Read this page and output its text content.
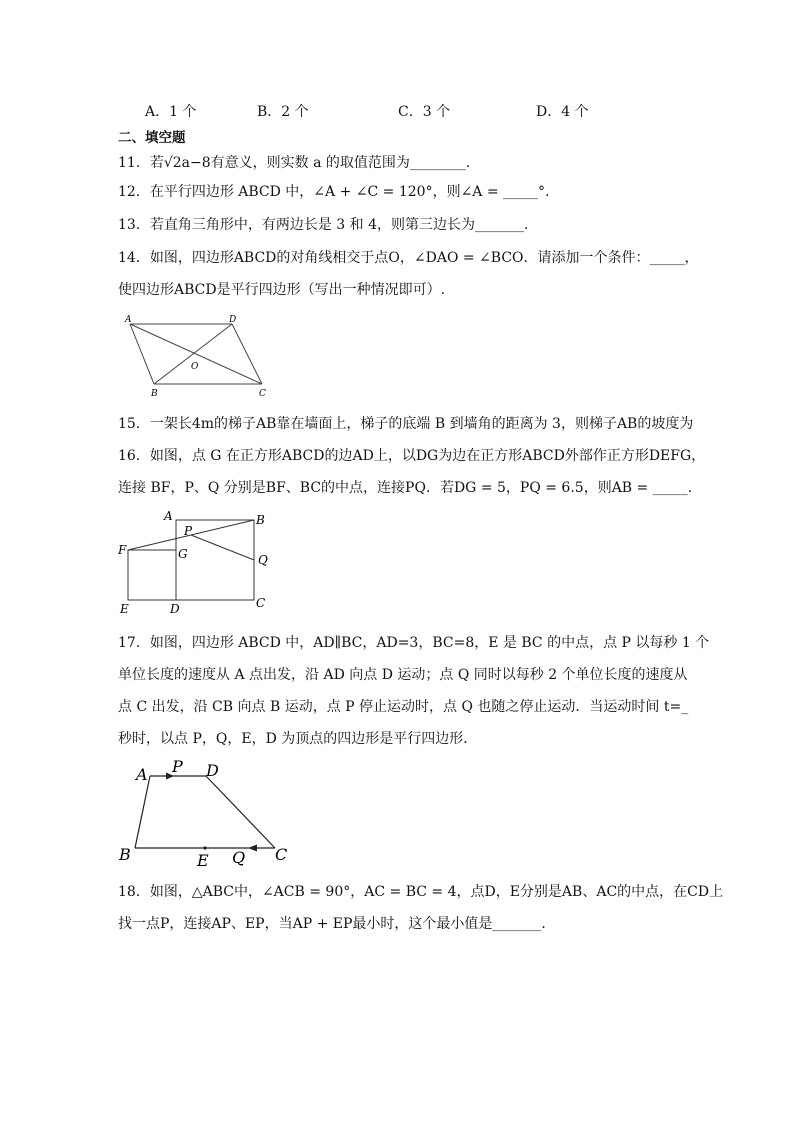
A．1 个	B．2 个	C．3 个	D．4 个
二、填空题
11．若√2a−8有意义，则实数 a 的取值范围为________.
12．在平行四边形 ABCD 中，∠A + ∠C = 120°，则∠A = _____°.
13．若直角三角形中，有两边长是 3 和 4，则第三边长为_______．
14．如图，四边形ABCD的对角线相交于点O，∠DAO = ∠BCO．请添加一个条件：_____，
使四边形ABCD是平行四边形（写出一种情况即可）.
A	D
B	C
O
15．一架长4m的梯子AB靠在墙面上，梯子的底端 B 到墙角的距离为 3，则梯子AB的坡度为
16．如图，点 G 在正方形ABCD的边AD上，以DG为边在正方形ABCD外部作正方形DEFG，
连接 BF，P、Q 分别是BF、BC的中点，连接PQ．若DG = 5，PQ = 6.5，则AB = _____．
A	B
F
P
G	Q
E	D	C
17．如图，四边形 ABCD 中，AD∥BC，AD=3，BC=8，E 是 BC 的中点，点 P 以每秒 1 个
单位长度的速度从 A 点出发，沿 AD 向点 D 运动；点 Q 同时以每秒 2 个单位长度的速度从
点 C 出发，沿 CB 向点 B 运动，点 P 停止运动时，点 Q 也随之停止运动．当运动时间 t=_
秒时，以点 P，Q，E，D 为顶点的四边形是平行四边形．
A P D
B	E Q C
18．如图，△ABC中，∠ACB = 90°，AC = BC = 4，点D，E分别是AB、AC的中点，在CD上
找一点P，连接AP、EP，当AP + EP最小时，这个最小值是_______．
